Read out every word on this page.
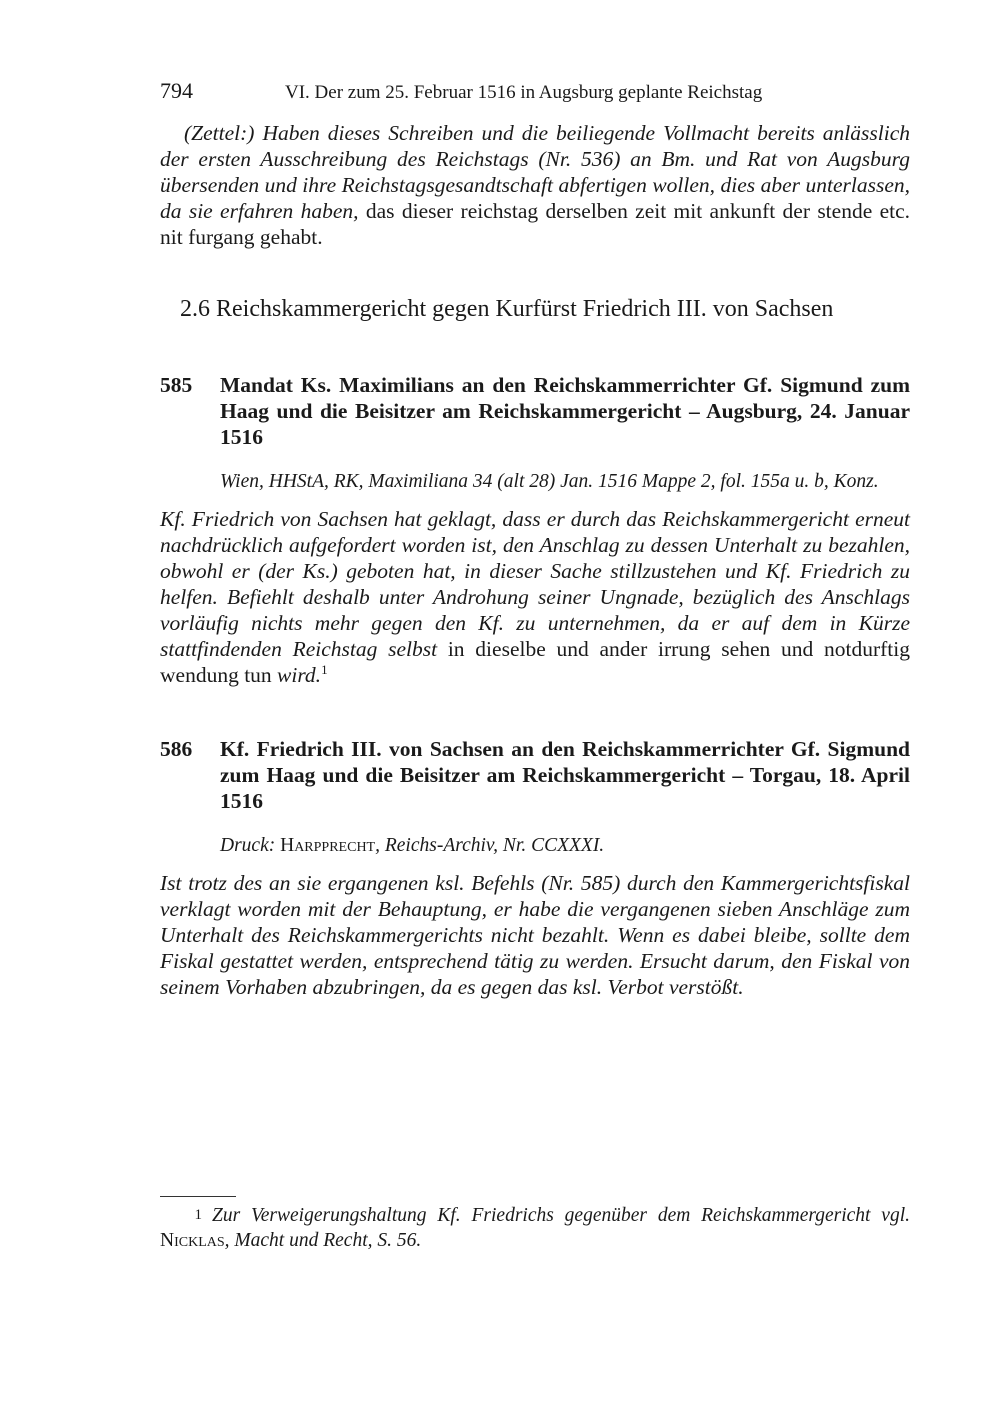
794	VI. Der zum 25. Februar 1516 in Augsburg geplante Reichstag

(Zettel:) Haben dieses Schreiben und die beiliegende Vollmacht bereits anlässlich der ersten Ausschreibung des Reichstags (Nr. 536) an Bm. und Rat von Augsburg übersenden und ihre Reichstagsgesandtschaft abfertigen wollen, dies aber unterlassen, da sie erfahren haben, das dieser reichstag derselben zeit mit ankunft der stende etc. nit furgang gehabt.

2.6 Reichskammergericht gegen Kurfürst Friedrich III. von Sachsen
585	Mandat Ks. Maximilians an den Reichskammerrichter Gf. Sigmund zum Haag und die Beisitzer am Reichskammergericht – Augsburg, 24. Januar 1516
Wien, HHStA, RK, Maximiliana 34 (alt 28) Jan. 1516 Mappe 2, fol. 155a u. b, Konz.

Kf. Friedrich von Sachsen hat geklagt, dass er durch das Reichskammergericht erneut nachdrücklich aufgefordert worden ist, den Anschlag zu dessen Unterhalt zu bezahlen, obwohl er (der Ks.) geboten hat, in dieser Sache stillzustehen und Kf. Friedrich zu helfen. Befiehlt deshalb unter Androhung seiner Ungnade, bezüglich des Anschlags vorläufig nichts mehr gegen den Kf. zu unternehmen, da er auf dem in Kürze stattfindenden Reichstag selbst in dieselbe und ander irrung sehen und notdurftig wendung tun wird.$^1$

586	Kf. Friedrich III. von Sachsen an den Reichskammerrichter Gf. Sigmund zum Haag und die Beisitzer am Reichskammergericht – Torgau, 18. April 1516
Druck: Harpprecht, Reichs-Archiv, Nr. CCXXXI.

Ist trotz des an sie ergangenen ksl. Befehls (Nr. 585) durch den Kammergerichtsfiskal verklagt worden mit der Behauptung, er habe die vergangenen sieben Anschläge zum Unterhalt des Reichskammergerichts nicht bezahlt. Wenn es dabei bleibe, sollte dem Fiskal gestattet werden, entsprechend tätig zu werden. Ersucht darum, den Fiskal von seinem Vorhaben abzubringen, da es gegen das ksl. Verbot verstößt.

1 Zur Verweigerungshaltung Kf. Friedrichs gegenüber dem Reichskammergericht vgl. Nicklas, Macht und Recht, S. 56.
